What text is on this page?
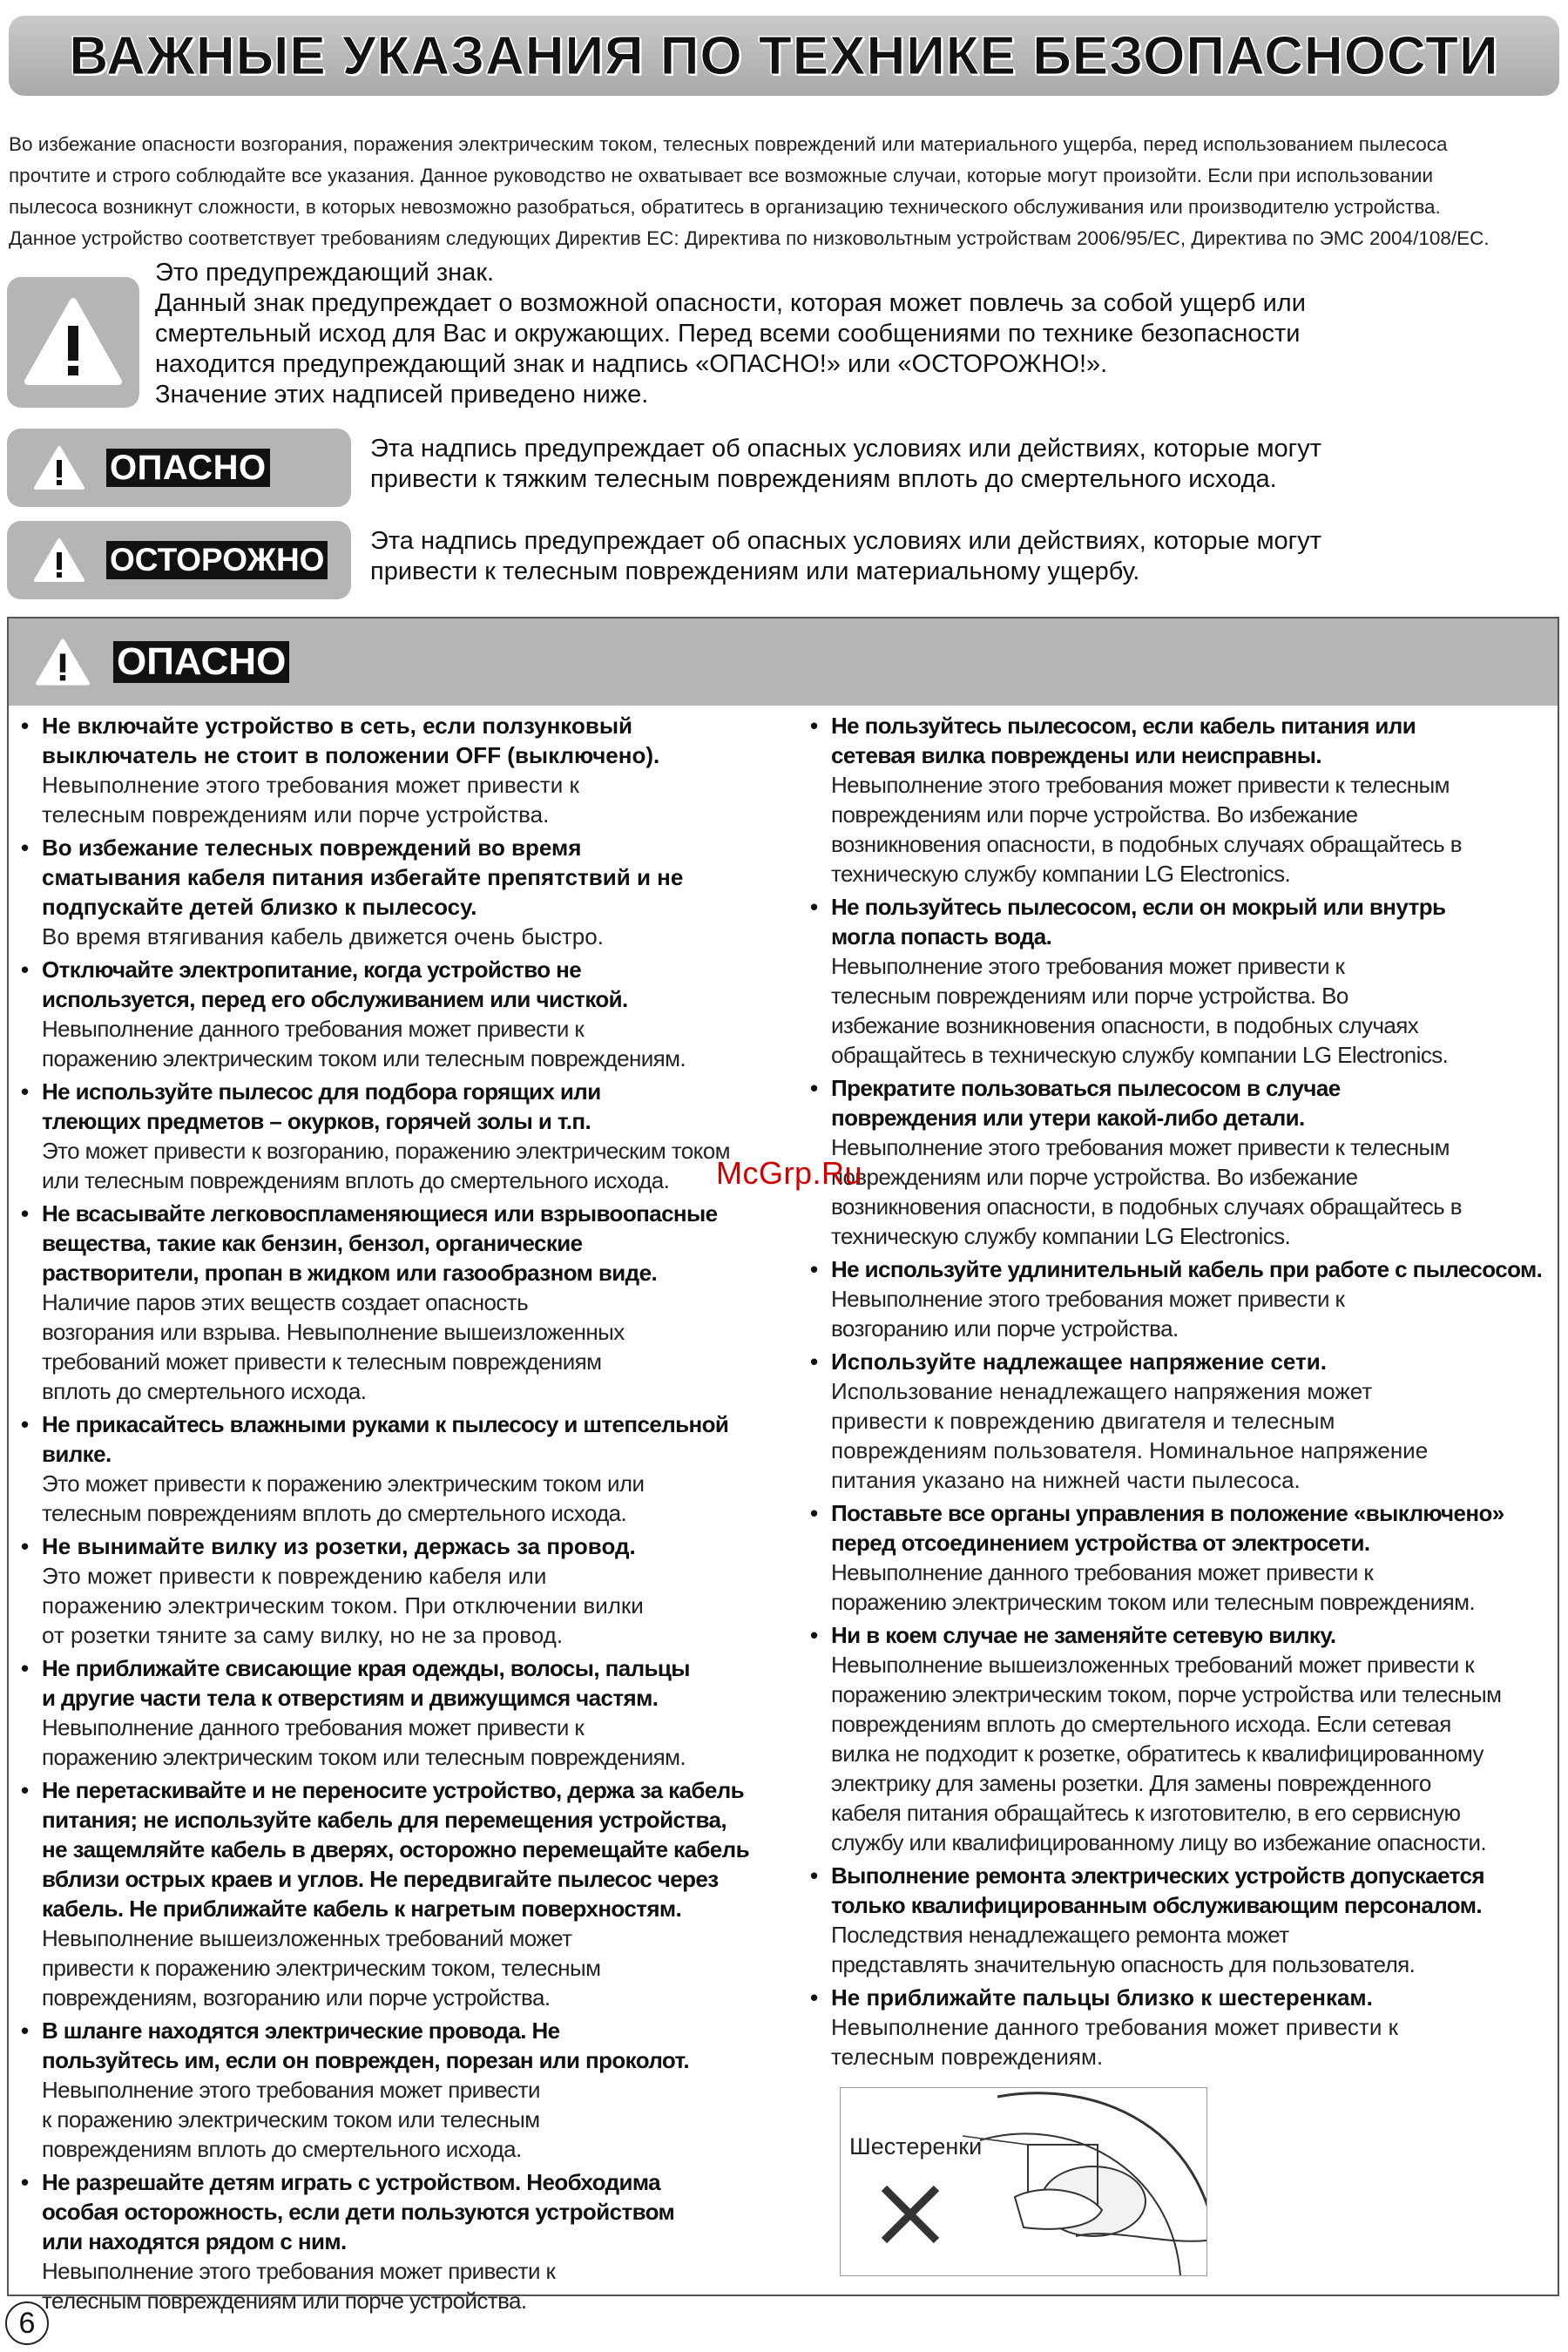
ВАЖНЫЕ УКАЗАНИЯ ПО ТЕХНИКЕ БЕЗОПАСНОСТИ

Во избежание опасности возгорания, поражения электрическим током, телесных повреждений или материального ущерба, перед использованием пылесоса

прочтите и строго соблюдайте все указания. Данное руководство не охватывает все возможные случаи, которые могут произойти. Если при использовании

пылесоса возникнут сложности, в которых невозможно разобраться, обратитесь в организацию технического обслуживания или производителю устройства.

Данное устройство соответствует требованиям следующих Директив ЕС: Директива по низковольтным устройствам 2006/95/ЕС, Директива по ЭМС 2004/108/ЕС.

Это предупреждающий знак.

Данный знак предупреждает о возможной опасности, которая может повлечь за собой ущерб или

смертельный исход для Вас и окружающих. Перед всеми сообщениями по технике безопасности

находится предупреждающий знак и надпись «ОПАСНО!» или «ОСТОРОЖНО!».

Значение этих надписей приведено ниже.

ОПАСНО	Эта надпись предупреждает об опасных условиях или действиях, которые могут
привести к тяжким телесным повреждениям вплоть до смертельного исхода.
ОСТОРОЖНО
Эта надпись предупреждает об опасных условиях или действиях, которые могут
привести к телесным повреждениям или материальному ущербу.
ОПАСНО
• Не включайте устройство в сеть, если ползунковый
выключатель не стоит в положении OFF (выключено).
Невыполнение этого требования может привести к
телесным повреждениям или порче устройства.
• Во избежание телесных повреждений во время
сматывания кабеля питания избегайте препятствий и не
подпускайте детей близко к пылесосу.
Во время втягивания кабель движется очень быстро.
• Отключайте электропитание, когда устройство не
используется, перед его обслуживанием или чисткой.
Невыполнение данного требования может привести к
поражению электрическим током или телесным повреждениям.
• Не используйте пылесос для подбора горящих или
тлеющих предметов – окурков, горячей золы и т.п.
Это может привести к возгоранию, поражению электрическим током
или телесным повреждениям вплоть до смертельного исхода.
• Не всасывайте легковоспламеняющиеся или взрывоопасные
вещества, такие как бензин, бензол, органические
растворители, пропан в жидком или газообразном виде.
Наличие паров этих веществ создает опасность
возгорания или взрыва. Невыполнение вышеизложенных
требований может привести к телесным повреждениям
вплоть до смертельного исхода.
• Не прикасайтесь влажными руками к пылесосу и штепсельной вилке.
Это может привести к поражению электрическим током или
телесным повреждениям вплоть до смертельного исхода.
• Не вынимайте вилку из розетки, держась за провод.
Это может привести к повреждению кабеля или
поражению электрическим током. При отключении вилки
от розетки тяните за саму вилку, но не за провод.
• Не приближайте свисающие края одежды, волосы, пальцы
и другие части тела к отверстиям и движущимся частям.
Невыполнение данного требования может привести к
поражению электрическим током или телесным повреждениям.
• Не перетаскивайте и не переносите устройство, держа за кабель
питания; не используйте кабель для перемещения устройства,
не защемляйте кабель в дверях, осторожно перемещайте кабель
вблизи острых краев и углов. Не передвигайте пылесос через
кабель. Не приближайте кабель к нагретым поверхностям.
Невыполнение вышеизложенных требований может
привести к поражению электрическим током, телесным
повреждениям, возгоранию или порче устройства.
• В шланге находятся электрические провода. Не
пользуйтесь им, если он поврежден, порезан или проколот.
Невыполнение этого требования может привести
к поражению электрическим током или телесным
повреждениям вплоть до смертельного исхода.
• Не разрешайте детям играть с устройством. Необходима
особая осторожность, если дети пользуются устройством
или находятся рядом с ним.
Невыполнение этого требования может привести к
телесным повреждениям или порче устройства.
• Не пользуйтесь пылесосом, если кабель питания или
сетевая вилка повреждены или неисправны.
Невыполнение этого требования может привести к телесным
повреждениям или порче устройства. Во избежание
возникновения опасности, в подобных случаях обращайтесь в
техническую службу компании LG Electronics.
• Не пользуйтесь пылесосом, если он мокрый или внутрь
могла попасть вода.
Невыполнение этого требования может привести к
телесным повреждениям или порче устройства. Во
избежание возникновения опасности, в подобных случаях
обращайтесь в техническую службу компании LG Electronics.
• Прекратите пользоваться пылесосом в случае
повреждения или утери какой-либо детали.
Невыполнение этого требования может привести к телесным
повреждениям или порче устройства. Во избежание
возникновения опасности, в подобных случаях обращайтесь в
техническую службу компании LG Electronics.
• Не используйте удлинительный кабель при работе с пылесосом.
Невыполнение этого требования может привести к
возгоранию или порче устройства.
• Используйте надлежащее напряжение сети.
Использование ненадлежащего напряжения может
привести к повреждению двигателя и телесным
повреждениям пользователя. Номинальное напряжение
питания указано на нижней части пылесоса.
• Поставьте все органы управления в положение «выключено»
перед отсоединением устройства от электросети.
Невыполнение данного требования может привести к
поражению электрическим током или телесным повреждениям.
• Ни в коем случае не заменяйте сетевую вилку.
Невыполнение вышеизложенных требований может привести к
поражению электрическим током, порче устройства или телесным
повреждениям вплоть до смертельного исхода. Если сетевая
вилка не подходит к розетке, обратитесь к квалифицированному
электрику для замены розетки. Для замены поврежденного
кабеля питания обращайтесь к изготовителю, в его сервисную
службу или квалифицированному лицу во избежание опасности.
• Выполнение ремонта электрических устройств допускается
только квалифицированным обслуживающим персоналом.
Последствия ненадлежащего ремонта может
представлять значительную опасность для пользователя.
• Не приближайте пальцы близко к шестеренкам.
Невыполнение данного требования может привести к
телесным повреждениям.
Шестеренки
McGrp.Ru
6
